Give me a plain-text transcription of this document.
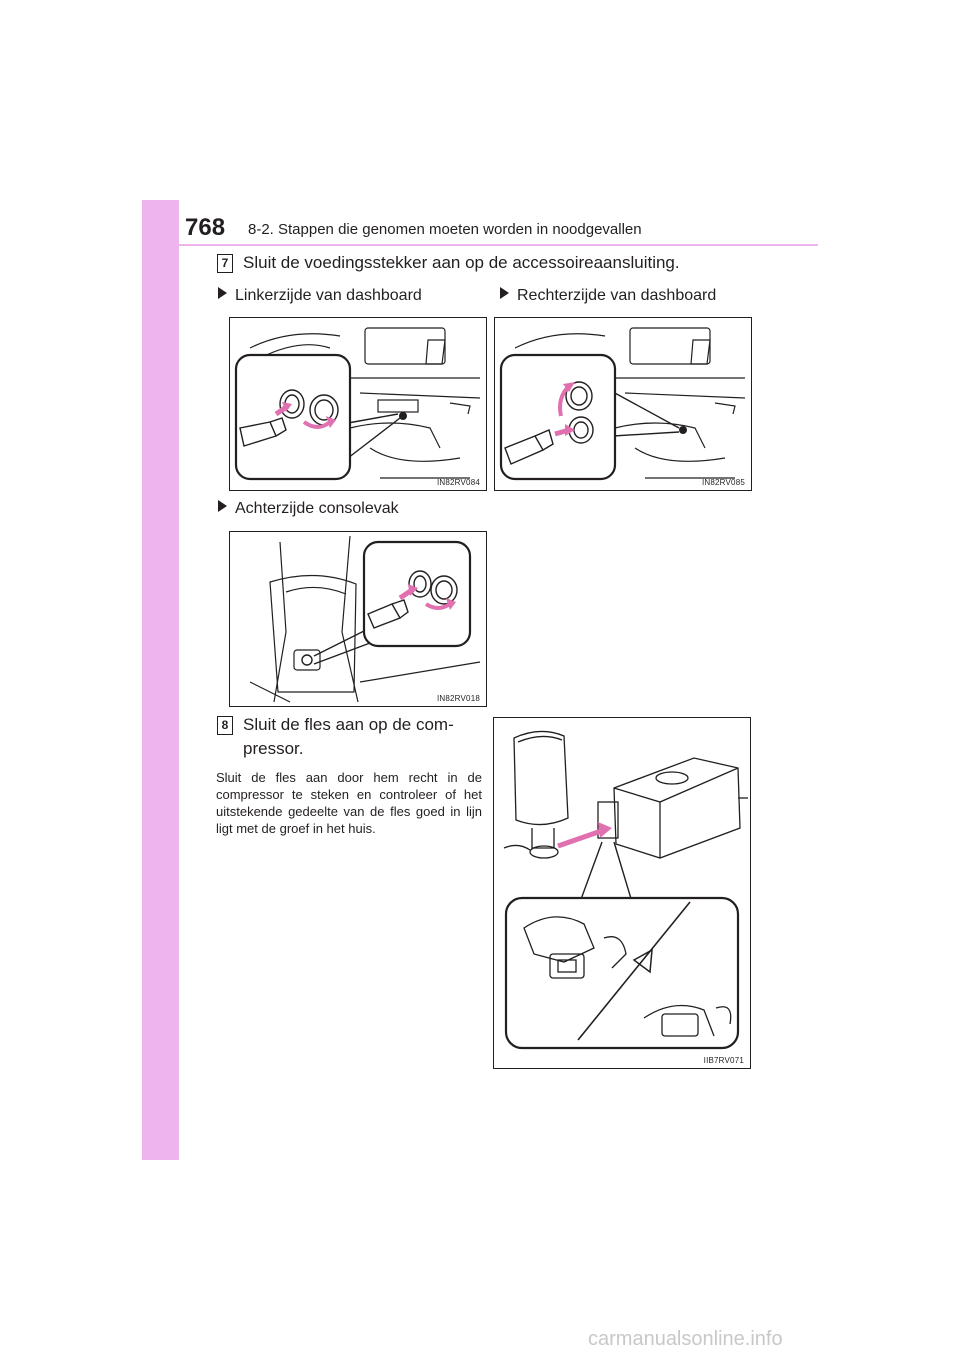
768 8-2. Stappen die genomen moeten worden in noodgevallen
7 Sluit de voedingsstekker aan op de accessoireaansluiting.
Linkerzijde van dashboard	Rechterzijde van dashboard
IN82RV084	IN82RV085
Achterzijde consolevak
IN82RV018
8 Sluit de fles aan op de com-
pressor.
Sluit de fles aan door hem recht in de compressor te steken en controleer of het uitstekende gedeelte van de fles goed in lijn ligt met de groef in het huis.
IIB7RV071
carmanualsonline.info
